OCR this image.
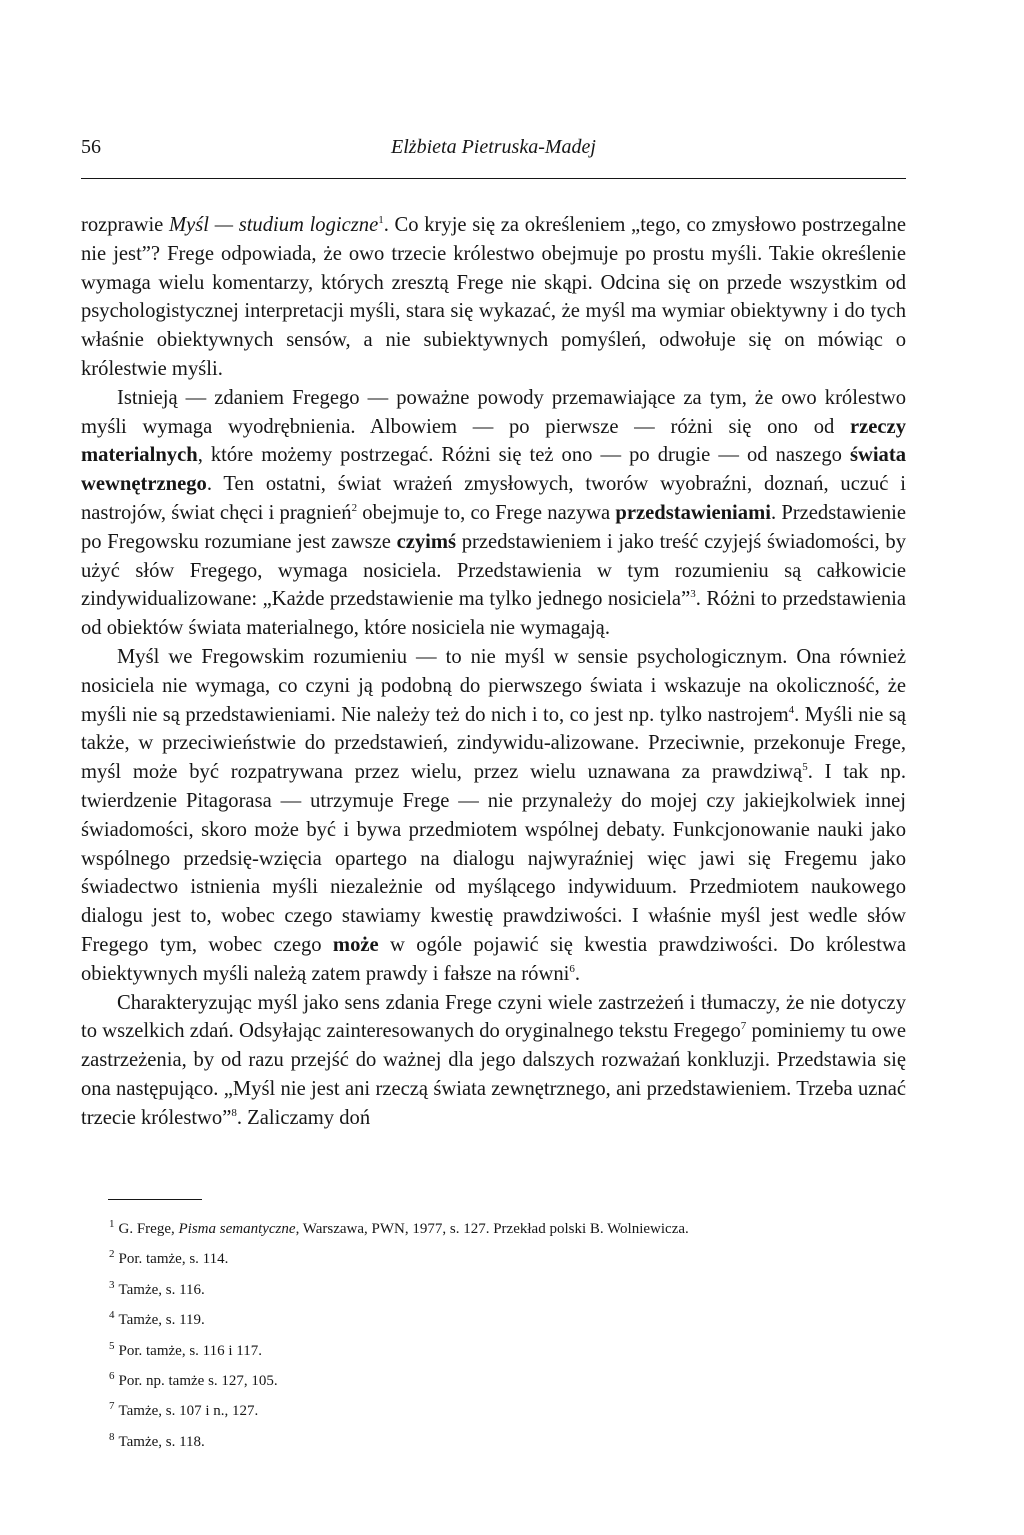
56	Elżbieta Pietruska-Madej

rozprawie Myśl — studium logiczne$^1$. Co kryje się za określeniem „tego, co zmysłowo postrzegalne nie jest”? Frege odpowiada, że owo trzecie królestwo obejmuje po prostu myśli. Takie określenie wymaga wielu komentarzy, których zresztą Frege nie skąpi. Odcina się on przede wszystkim od psychologistycznej interpretacji myśli, stara się wykazać, że myśl ma wymiar obiektywny i do tych właśnie obiektywnych sensów, a nie subiektywnych pomyśleń, odwołuje się on mówiąc o królestwie myśli.

Istnieją — zdaniem Fregego — poważne powody przemawiające za tym, że owo królestwo myśli wymaga wyodrębnienia. Albowiem — po pierwsze — różni się ono od rzeczy materialnych, które możemy postrzegać. Różni się też ono — po drugie — od naszego świata wewnętrznego. Ten ostatni, świat wrażeń zmysłowych, tworów wyobraźni, doznań, uczuć i nastrojów, świat chęci i pragnień$^2$ obejmuje to, co Frege nazywa przedstawieniami. Przedstawienie po Fregowsku rozumiane jest zawsze czyimś przedstawieniem i jako treść czyjejś świadomości, by użyć słów Fregego, wymaga nosiciela. Przedstawienia w tym rozumieniu są całkowicie zindywidualizowane: „Każde przedstawienie ma tylko jednego nosiciela”$^3$. Różni to przedstawienia od obiektów świata materialnego, które nosiciela nie wymagają.

Myśl we Fregowskim rozumieniu — to nie myśl w sensie psychologicznym. Ona również nosiciela nie wymaga, co czyni ją podobną do pierwszego świata i wskazuje na okoliczność, że myśli nie są przedstawieniami. Nie należy też do nich i to, co jest np. tylko nastrojem$^4$. Myśli nie są także, w przeciwieństwie do przedstawień, zindywidu-alizowane. Przeciwnie, przekonuje Frege, myśl może być rozpatrywana przez wielu, przez wielu uznawana za prawdziwą$^5$. I tak np. twierdzenie Pitagorasa — utrzymuje Frege — nie przynależy do mojej czy jakiejkolwiek innej świadomości, skoro może być i bywa przedmiotem wspólnej debaty. Funkcjonowanie nauki jako wspólnego przedsię-wzięcia opartego na dialogu najwyraźniej więc jawi się Fregemu jako świadectwo istnienia myśli niezależnie od myślącego indywiduum. Przedmiotem naukowego dialogu jest to, wobec czego stawiamy kwestię prawdziwości. I właśnie myśl jest wedle słów Fregego tym, wobec czego może w ogóle pojawić się kwestia prawdziwości. Do królestwa obiektywnych myśli należą zatem prawdy i fałsze na równi$^6$.

Charakteryzując myśl jako sens zdania Frege czyni wiele zastrzeżeń i tłumaczy, że nie dotyczy to wszelkich zdań. Odsyłając zainteresowanych do oryginalnego tekstu Fregego$^7$ pominiemy tu owe zastrzeżenia, by od razu przejść do ważnej dla jego dalszych rozważań konkluzji. Przedstawia się ona następująco. „Myśl nie jest ani rzeczą świata zewnętrznego, ani przedstawieniem. Trzeba uznać trzecie królestwo”$^8$. Zaliczamy doń

$^1$ G. Frege, Pisma semantyczne, Warszawa, PWN, 1977, s. 127. Przekład polski B. Wolniewicza.
$^2$ Por. tamże, s. 114.
$^3$ Tamże, s. 116.
$^4$ Tamże, s. 119.
$^5$ Por. tamże, s. 116 i 117.
$^6$ Por. np. tamże s. 127, 105.
$^7$ Tamże, s. 107 i n., 127.
$^8$ Tamże, s. 118.
